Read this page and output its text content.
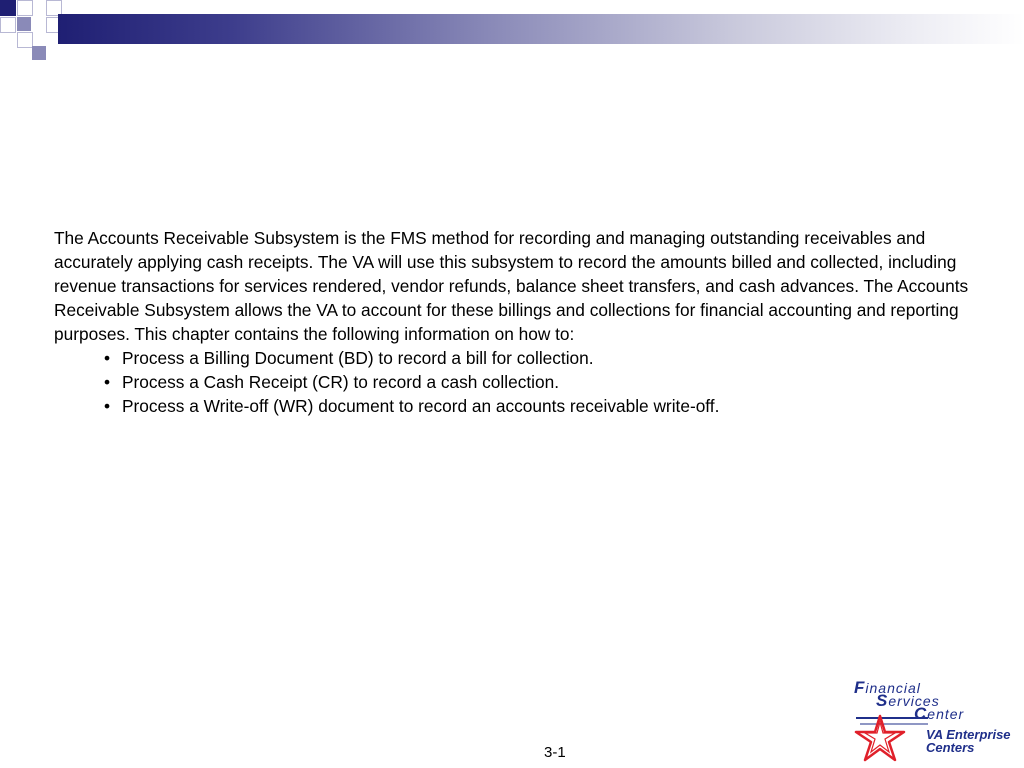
The Accounts Receivable Subsystem is the FMS method for recording and managing outstanding receivables and accurately applying cash receipts. The VA will use this subsystem to record the amounts billed and collected, including revenue transactions for services rendered, vendor refunds, balance sheet transfers, and cash advances. The Accounts Receivable Subsystem allows the VA to account for these billings and collections for financial accounting and reporting purposes. This chapter contains the following information on how to:

• Process a Billing Document (BD) to record a bill for collection.
• Process a Cash Receipt (CR) to record a cash collection.
• Process a Write-off (WR) document to record an accounts receivable write-off.
3-1
Financial
Services
Center
VA Enterprise
Centers
